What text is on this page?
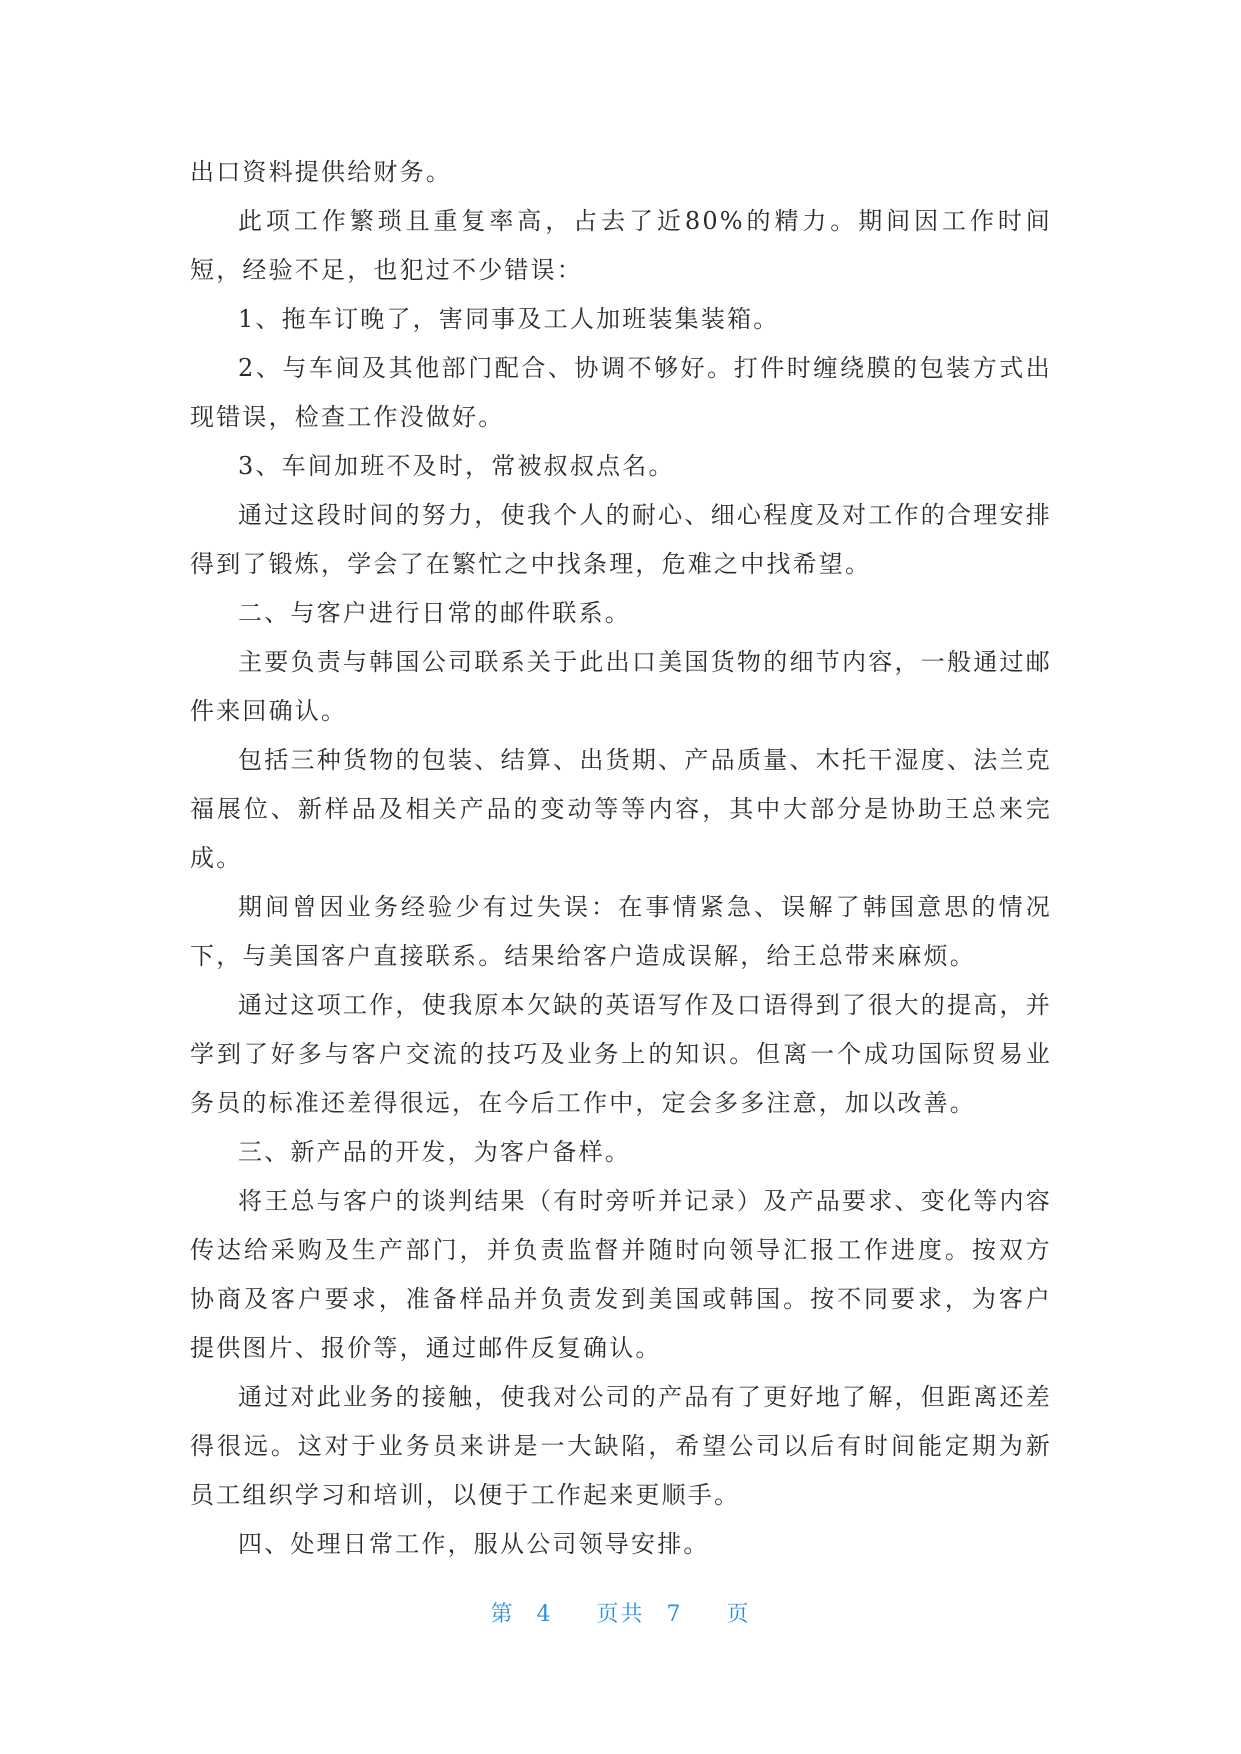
出口资料提供给财务。

此项工作繁琐且重复率高，占去了近80%的精力。期间因工作时间短，经验不足，也犯过不少错误：

1、拖车订晚了，害同事及工人加班装集装箱。

2、与车间及其他部门配合、协调不够好。打件时缠绕膜的包装方式出现错误，检查工作没做好。

3、车间加班不及时，常被叔叔点名。

通过这段时间的努力，使我个人的耐心、细心程度及对工作的合理安排得到了锻炼，学会了在繁忙之中找条理，危难之中找希望。

二、与客户进行日常的邮件联系。

主要负责与韩国公司联系关于此出口美国货物的细节内容，一般通过邮件来回确认。

包括三种货物的包装、结算、出货期、产品质量、木托干湿度、法兰克福展位、新样品及相关产品的变动等等内容，其中大部分是协助王总来完成。

期间曾因业务经验少有过失误：在事情紧急、误解了韩国意思的情况下，与美国客户直接联系。结果给客户造成误解，给王总带来麻烦。

通过这项工作，使我原本欠缺的英语写作及口语得到了很大的提高，并学到了好多与客户交流的技巧及业务上的知识。但离一个成功国际贸易业务员的标准还差得很远，在今后工作中，定会多多注意，加以改善。

三、新产品的开发，为客户备样。

将王总与客户的谈判结果（有时旁听并记录）及产品要求、变化等内容传达给采购及生产部门，并负责监督并随时向领导汇报工作进度。按双方协商及客户要求，准备样品并负责发到美国或韩国。按不同要求，为客户提供图片、报价等，通过邮件反复确认。

通过对此业务的接触，使我对公司的产品有了更好地了解，但距离还差得很远。这对于业务员来讲是一大缺陷，希望公司以后有时间能定期为新员工组织学习和培训，以便于工作起来更顺手。

四、处理日常工作，服从公司领导安排。

第 4 页共 7 页
